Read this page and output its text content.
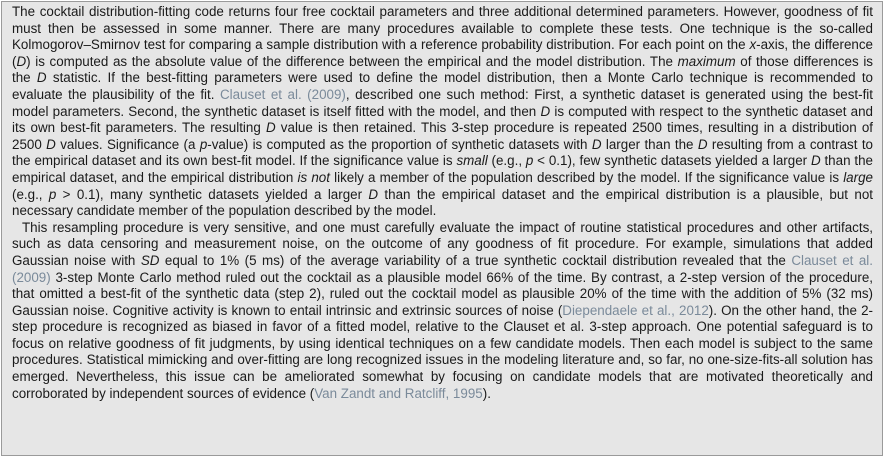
The cocktail distribution-fitting code returns four free cocktail parameters and three additional determined parameters. However, goodness of fit must then be assessed in some manner. There are many procedures available to complete these tests. One technique is the so-called Kolmogorov–Smirnov test for comparing a sample distribution with a reference probability distribution. For each point on the x-axis, the difference (D) is computed as the absolute value of the difference between the empirical and the model distribution. The maximum of those differences is the D statistic. If the best-fitting parameters were used to define the model distribution, then a Monte Carlo technique is recommended to evaluate the plausibility of the fit. Clauset et al. (2009), described one such method: First, a synthetic dataset is generated using the best-fit model parameters. Second, the synthetic dataset is itself fitted with the model, and then D is computed with respect to the synthetic dataset and its own best-fit parameters. The resulting D value is then retained. This 3-step procedure is repeated 2500 times, resulting in a distribution of 2500 D values. Significance (a p-value) is computed as the proportion of synthetic datasets with D larger than the D resulting from a contrast to the empirical dataset and its own best-fit model. If the significance value is small (e.g., p < 0.1), few synthetic datasets yielded a larger D than the empirical dataset, and the empirical distribution is not likely a member of the population described by the model. If the significance value is large (e.g., p > 0.1), many synthetic datasets yielded a larger D than the empirical dataset and the empirical distribution is a plausible, but not necessary candidate member of the population described by the model.

This resampling procedure is very sensitive, and one must carefully evaluate the impact of routine statistical procedures and other artifacts, such as data censoring and measurement noise, on the outcome of any goodness of fit procedure. For example, simulations that added Gaussian noise with SD equal to 1% (5 ms) of the average variability of a true synthetic cocktail distribution revealed that the Clauset et al. (2009) 3-step Monte Carlo method ruled out the cocktail as a plausible model 66% of the time. By contrast, a 2-step version of the procedure, that omitted a best-fit of the synthetic data (step 2), ruled out the cocktail model as plausible 20% of the time with the addition of 5% (32 ms) Gaussian noise. Cognitive activity is known to entail intrinsic and extrinsic sources of noise (Diependaele et al., 2012). On the other hand, the 2-step procedure is recognized as biased in favor of a fitted model, relative to the Clauset et al. 3-step approach. One potential safeguard is to focus on relative goodness of fit judgments, by using identical techniques on a few candidate models. Then each model is subject to the same procedures. Statistical mimicking and over-fitting are long recognized issues in the modeling literature and, so far, no one-size-fits-all solution has emerged. Nevertheless, this issue can be ameliorated somewhat by focusing on candidate models that are motivated theoretically and corroborated by independent sources of evidence (Van Zandt and Ratcliff, 1995).
